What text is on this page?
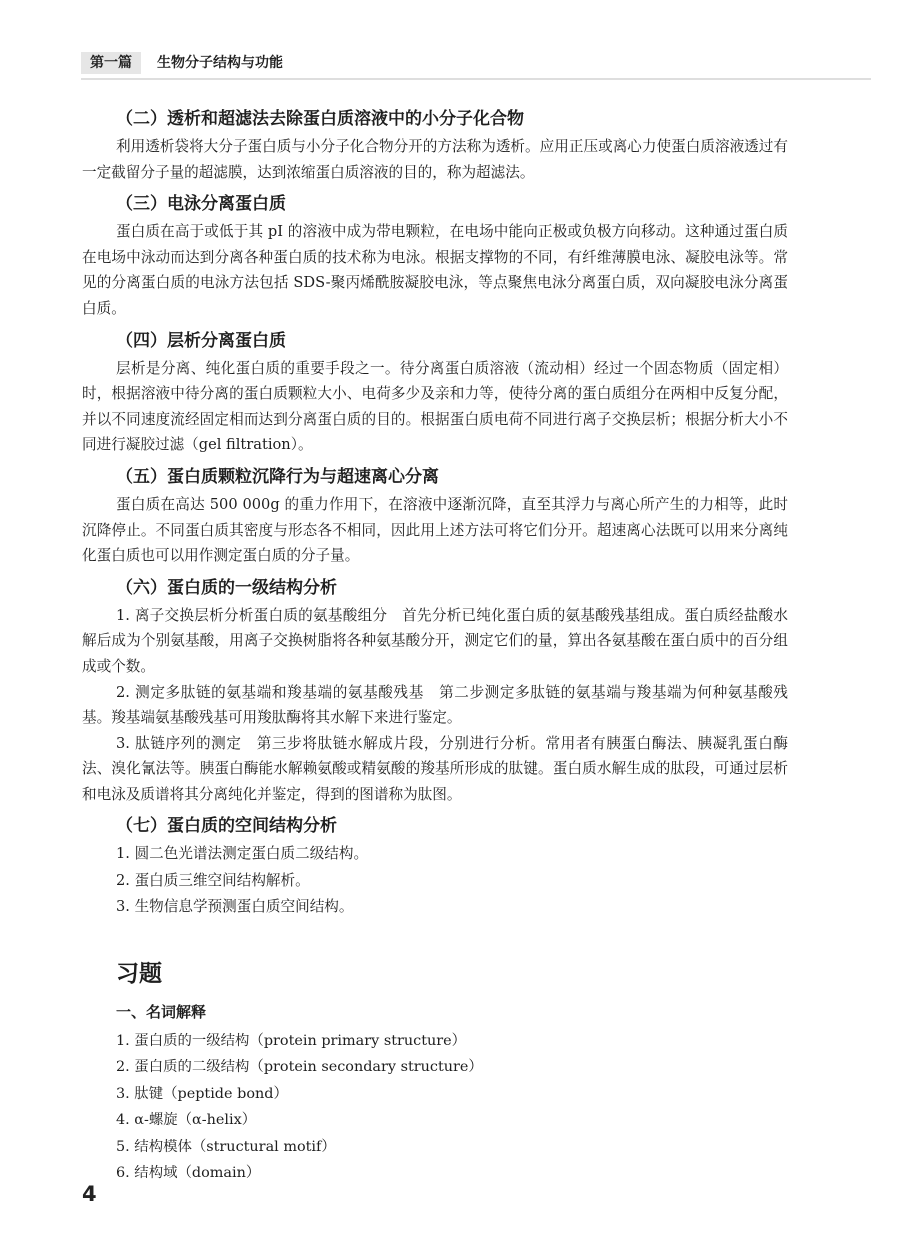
第一篇	生物分子结构与功能
（二）透析和超滤法去除蛋白质溶液中的小分子化合物

利用透析袋将大分子蛋白质与小分子化合物分开的方法称为透析。应用正压或离心力使蛋白质溶液透过有一定截留分子量的超滤膜，达到浓缩蛋白质溶液的目的，称为超滤法。

（三）电泳分离蛋白质

蛋白质在高于或低于其 pI 的溶液中成为带电颗粒，在电场中能向正极或负极方向移动。这种通过蛋白质在电场中泳动而达到分离各种蛋白质的技术称为电泳。根据支撑物的不同，有纤维薄膜电泳、凝胶电泳等。常见的分离蛋白质的电泳方法包括 SDS-聚丙烯酰胺凝胶电泳，等点聚焦电泳分离蛋白质，双向凝胶电泳分离蛋白质。

（四）层析分离蛋白质

层析是分离、纯化蛋白质的重要手段之一。待分离蛋白质溶液（流动相）经过一个固态物质（固定相）时，根据溶液中待分离的蛋白质颗粒大小、电荷多少及亲和力等，使待分离的蛋白质组分在两相中反复分配，并以不同速度流经固定相而达到分离蛋白质的目的。根据蛋白质电荷不同进行离子交换层析；根据分析大小不同进行凝胶过滤（gel filtration）。

（五）蛋白质颗粒沉降行为与超速离心分离

蛋白质在高达 500 000g 的重力作用下，在溶液中逐渐沉降，直至其浮力与离心所产生的力相等，此时沉降停止。不同蛋白质其密度与形态各不相同，因此用上述方法可将它们分开。超速离心法既可以用来分离纯化蛋白质也可以用作测定蛋白质的分子量。

（六）蛋白质的一级结构分析

1. 离子交换层析分析蛋白质的氨基酸组分　首先分析已纯化蛋白质的氨基酸残基组成。蛋白质经盐酸水解后成为个别氨基酸，用离子交换树脂将各种氨基酸分开，测定它们的量，算出各氨基酸在蛋白质中的百分组成或个数。

2. 测定多肽链的氨基端和羧基端的氨基酸残基　第二步测定多肽链的氨基端与羧基端为何种氨基酸残基。羧基端氨基酸残基可用羧肽酶将其水解下来进行鉴定。

3. 肽链序列的测定　第三步将肽链水解成片段，分别进行分析。常用者有胰蛋白酶法、胰凝乳蛋白酶法、溴化氰法等。胰蛋白酶能水解赖氨酸或精氨酸的羧基所形成的肽键。蛋白质水解生成的肽段，可通过层析和电泳及质谱将其分离纯化并鉴定，得到的图谱称为肽图。

（七）蛋白质的空间结构分析
1. 圆二色光谱法测定蛋白质二级结构。
2. 蛋白质三维空间结构解析。
3. 生物信息学预测蛋白质空间结构。
习题
一、名词解释
1. 蛋白质的一级结构（protein primary structure）
2. 蛋白质的二级结构（protein secondary structure）
3. 肽键（peptide bond）
4. α-螺旋（α-helix）
5. 结构模体（structural motif）
6. 结构域（domain）
4
